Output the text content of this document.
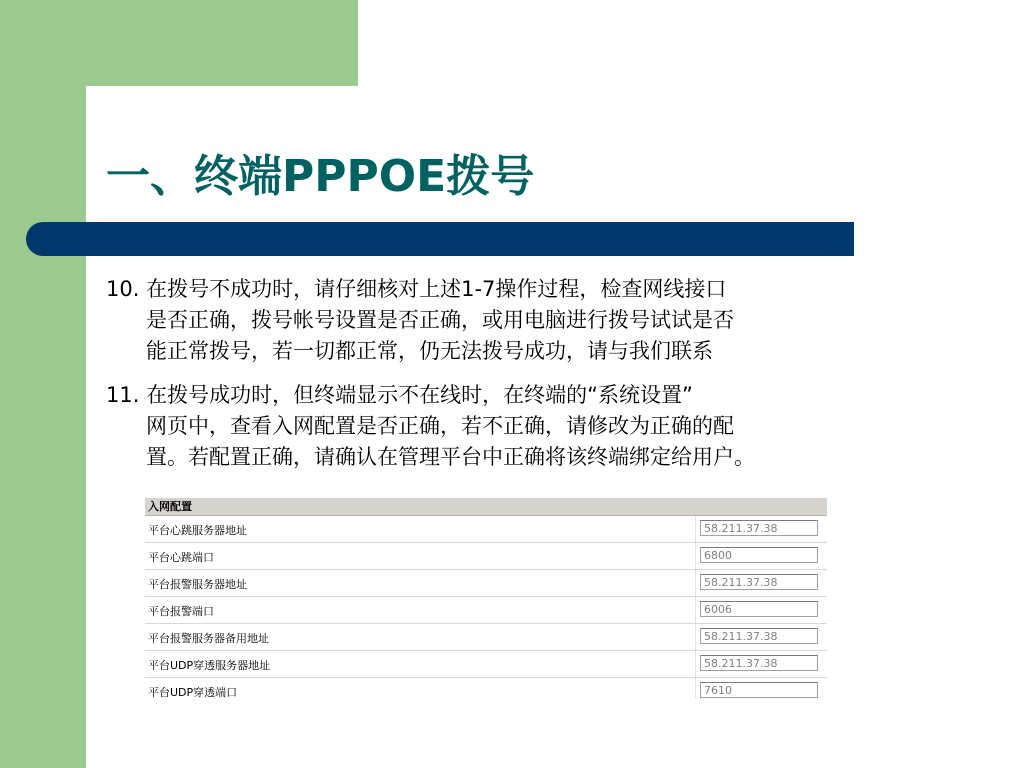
一、终端PPPOE拨号
10. 在拨号不成功时，请仔细核对上述1-7操作过程，检查网线接口
是否正确，拨号帐号设置是否正确，或用电脑进行拨号试试是否
能正常拨号，若一切都正常，仍无法拨号成功，请与我们联系
11. 在拨号成功时，但终端显示不在线时，在终端的“系统设置”
网页中，查看入网配置是否正确，若不正确，请修改为正确的配
置。若配置正确，请确认在管理平台中正确将该终端绑定给用户。
入网配置
平台心跳服务器地址	58.211.37.38
平台心跳端口	6800
平台报警服务器地址	58.211.37.38
平台报警端口	6006
平台报警服务器备用地址	58.211.37.38
平台UDP穿透服务器地址	58.211.37.38
平台UDP穿透端口	7610
